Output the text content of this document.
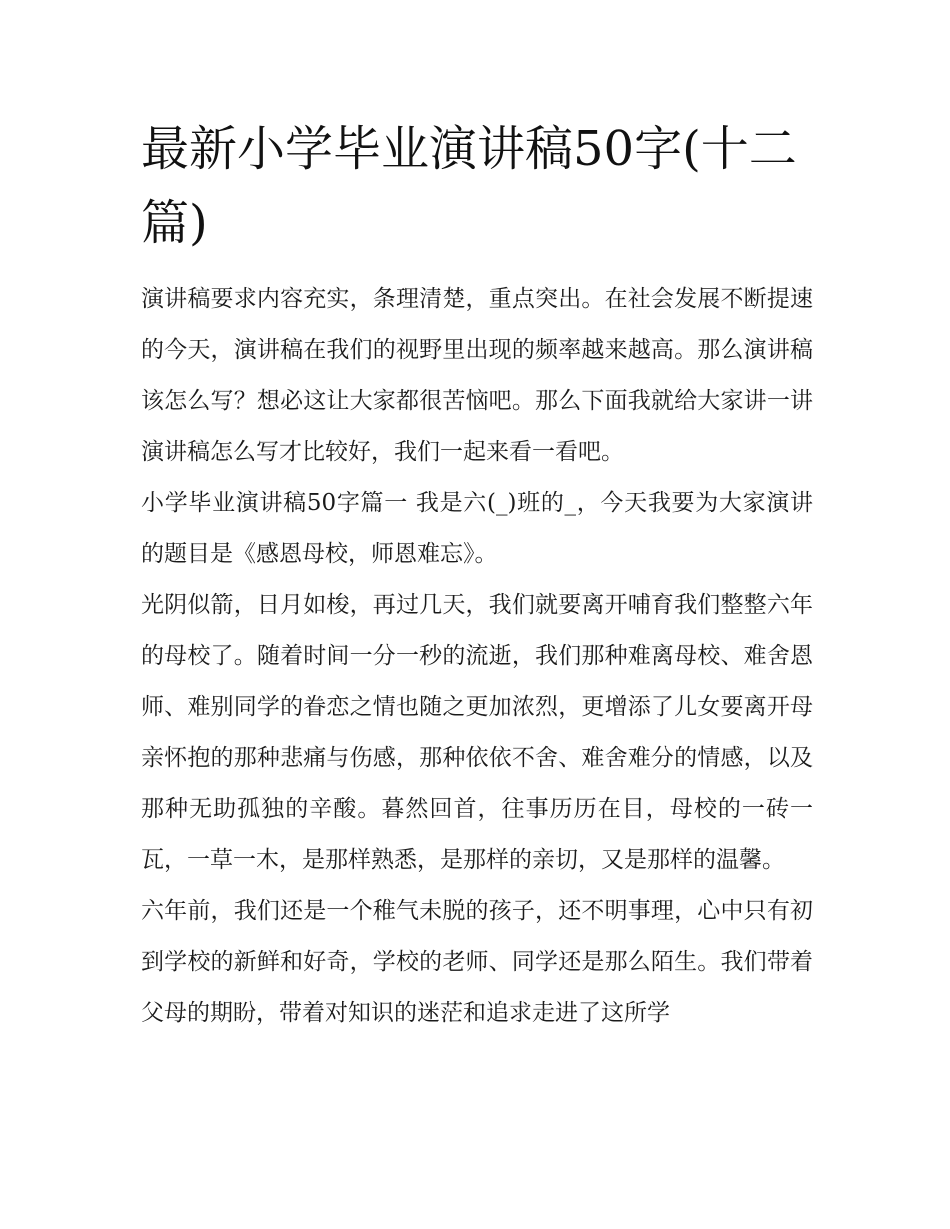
最新小学毕业演讲稿50字(十二篇)

演讲稿要求内容充实，条理清楚，重点突出。在社会发展不断提速的今天，演讲稿在我们的视野里出现的频率越来越高。那么演讲稿该怎么写？想必这让大家都很苦恼吧。那么下面我就给大家讲一讲演讲稿怎么写才比较好，我们一起来看一看吧。

小学毕业演讲稿50字篇一 我是六(_)班的_，今天我要为大家演讲的题目是《感恩母校，师恩难忘》。

光阴似箭，日月如梭，再过几天，我们就要离开哺育我们整整六年的母校了。随着时间一分一秒的流逝，我们那种难离母校、难舍恩师、难别同学的眷恋之情也随之更加浓烈，更增添了儿女要离开母亲怀抱的那种悲痛与伤感，那种依依不舍、难舍难分的情感，以及那种无助孤独的辛酸。暮然回首，往事历历在目，母校的一砖一瓦，一草一木，是那样熟悉，是那样的亲切，又是那样的温馨。

六年前，我们还是一个稚气未脱的孩子，还不明事理，心中只有初到学校的新鲜和好奇，学校的老师、同学还是那么陌生。我们带着父母的期盼，带着对知识的迷茫和追求走进了这所学
